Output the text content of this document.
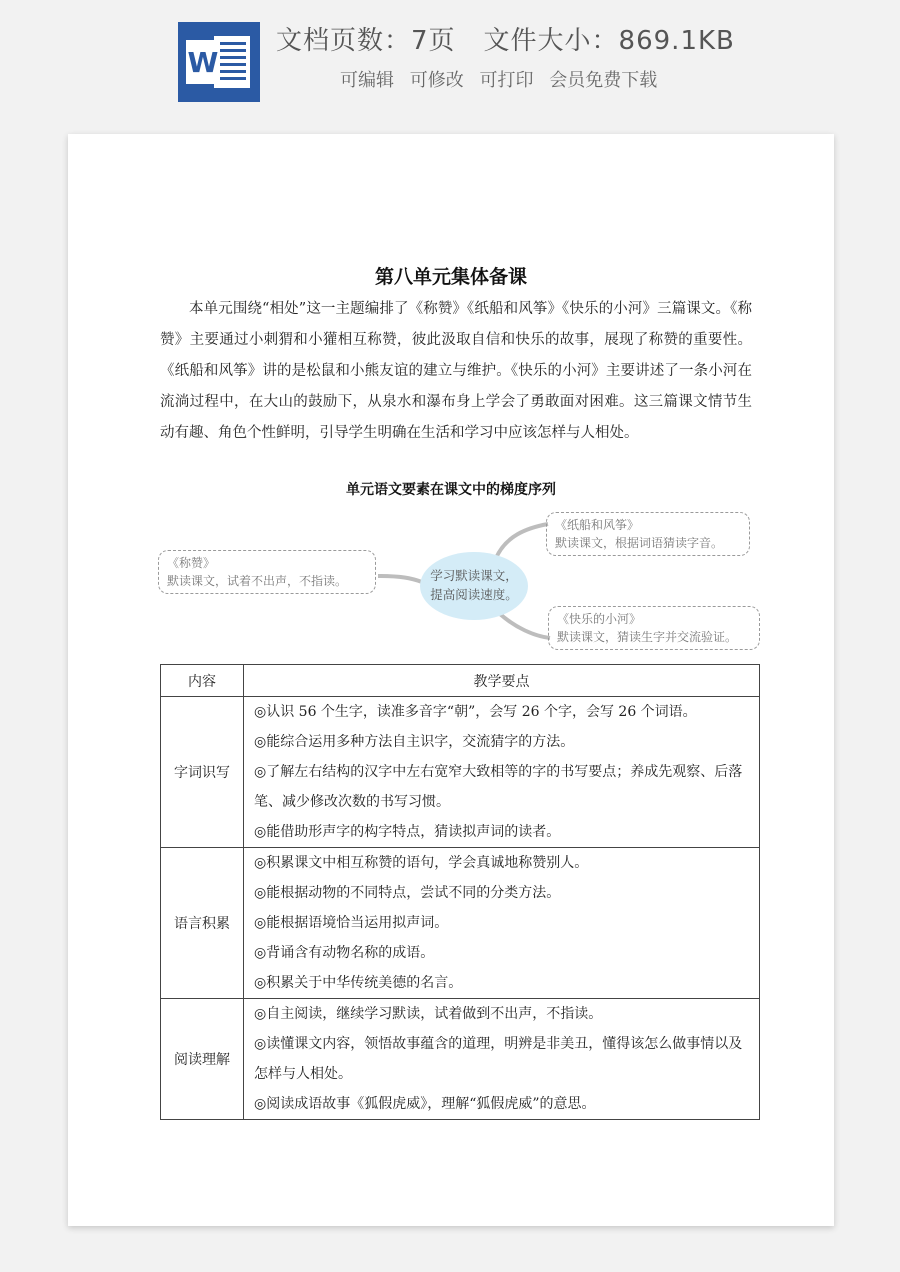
W
文档页数：7页 文件大小：869.1KB
可编辑 可修改 可打印 会员免费下载
第八单元集体备课
本单元围绕“相处”这一主题编排了《称赞》《纸船和风筝》《快乐的小河》三篇课文。《称赞》主要通过小刺猬和小獾相互称赞，彼此汲取自信和快乐的故事，展现了称赞的重要性。《纸船和风筝》讲的是松鼠和小熊友谊的建立与维护。《快乐的小河》主要讲述了一条小河在流淌过程中，在大山的鼓励下，从泉水和瀑布身上学会了勇敢面对困难。这三篇课文情节生动有趣、角色个性鲜明，引导学生明确在生活和学习中应该怎样与人相处。
单元语文要素在课文中的梯度序列
《称赞》
默读课文，试着不出声，不指读。	学习默读课文，
提高阅读速度。
《纸船和风筝》
默读课文，根据词语猜读字音。
《快乐的小河》
默读课文，猜读生字并交流验证。
内容	教学要点
字词识写	◎认识 56 个生字，读准多音字“朝”，会写 26 个字，会写 26 个词语。
◎能综合运用多种方法自主识字，交流猜字的方法。
◎了解左右结构的汉字中左右宽窄大致相等的字的书写要点；养成先观察、后落笔、减少修改次数的书写习惯。
◎能借助形声字的构字特点，猜读拟声词的读者。

语言积累	◎积累课文中相互称赞的语句，学会真诚地称赞别人。
◎能根据动物的不同特点，尝试不同的分类方法。
◎能根据语境恰当运用拟声词。
◎背诵含有动物名称的成语。
◎积累关于中华传统美德的名言。

阅读理解	◎自主阅读，继续学习默读，试着做到不出声，不指读。
◎读懂课文内容，领悟故事蕴含的道理，明辨是非美丑，懂得该怎么做事情以及怎样与人相处。
◎阅读成语故事《狐假虎威》，理解“狐假虎威”的意思。
